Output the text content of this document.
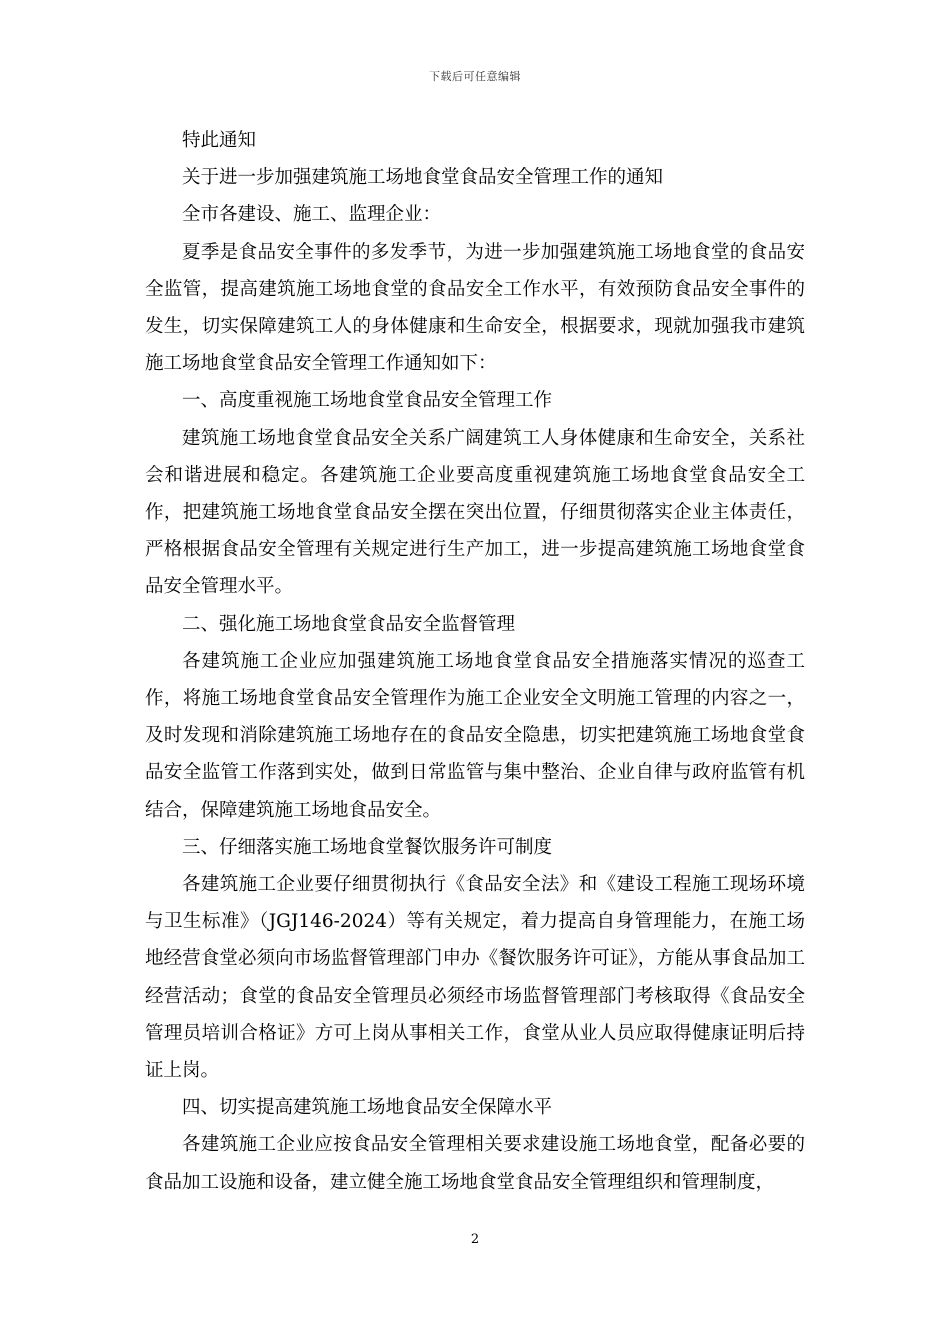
下载后可任意编辑

特此通知

关于进一步加强建筑施工场地食堂食品安全管理工作的通知

全市各建设、施工、监理企业：

夏季是食品安全事件的多发季节，为进一步加强建筑施工场地食堂的食品安全监管，提高建筑施工场地食堂的食品安全工作水平，有效预防食品安全事件的发生，切实保障建筑工人的身体健康和生命安全，根据要求，现就加强我市建筑施工场地食堂食品安全管理工作通知如下：

一、高度重视施工场地食堂食品安全管理工作

建筑施工场地食堂食品安全关系广阔建筑工人身体健康和生命安全，关系社会和谐进展和稳定。各建筑施工企业要高度重视建筑施工场地食堂食品安全工作，把建筑施工场地食堂食品安全摆在突出位置，仔细贯彻落实企业主体责任，严格根据食品安全管理有关规定进行生产加工，进一步提高建筑施工场地食堂食品安全管理水平。

二、强化施工场地食堂食品安全监督管理

各建筑施工企业应加强建筑施工场地食堂食品安全措施落实情况的巡查工作，将施工场地食堂食品安全管理作为施工企业安全文明施工管理的内容之一，及时发现和消除建筑施工场地存在的食品安全隐患，切实把建筑施工场地食堂食品安全监管工作落到实处，做到日常监管与集中整治、企业自律与政府监管有机结合，保障建筑施工场地食品安全。

三、仔细落实施工场地食堂餐饮服务许可制度

各建筑施工企业要仔细贯彻执行《食品安全法》和《建设工程施工现场环境与卫生标准》（JGJ146-2024）等有关规定，着力提高自身管理能力，在施工场地经营食堂必须向市场监督管理部门申办《餐饮服务许可证》，方能从事食品加工经营活动；食堂的食品安全管理员必须经市场监督管理部门考核取得《食品安全管理员培训合格证》方可上岗从事相关工作，食堂从业人员应取得健康证明后持证上岗。

四、切实提高建筑施工场地食品安全保障水平

各建筑施工企业应按食品安全管理相关要求建设施工场地食堂，配备必要的食品加工设施和设备，建立健全施工场地食堂食品安全管理组织和管理制度，

2
